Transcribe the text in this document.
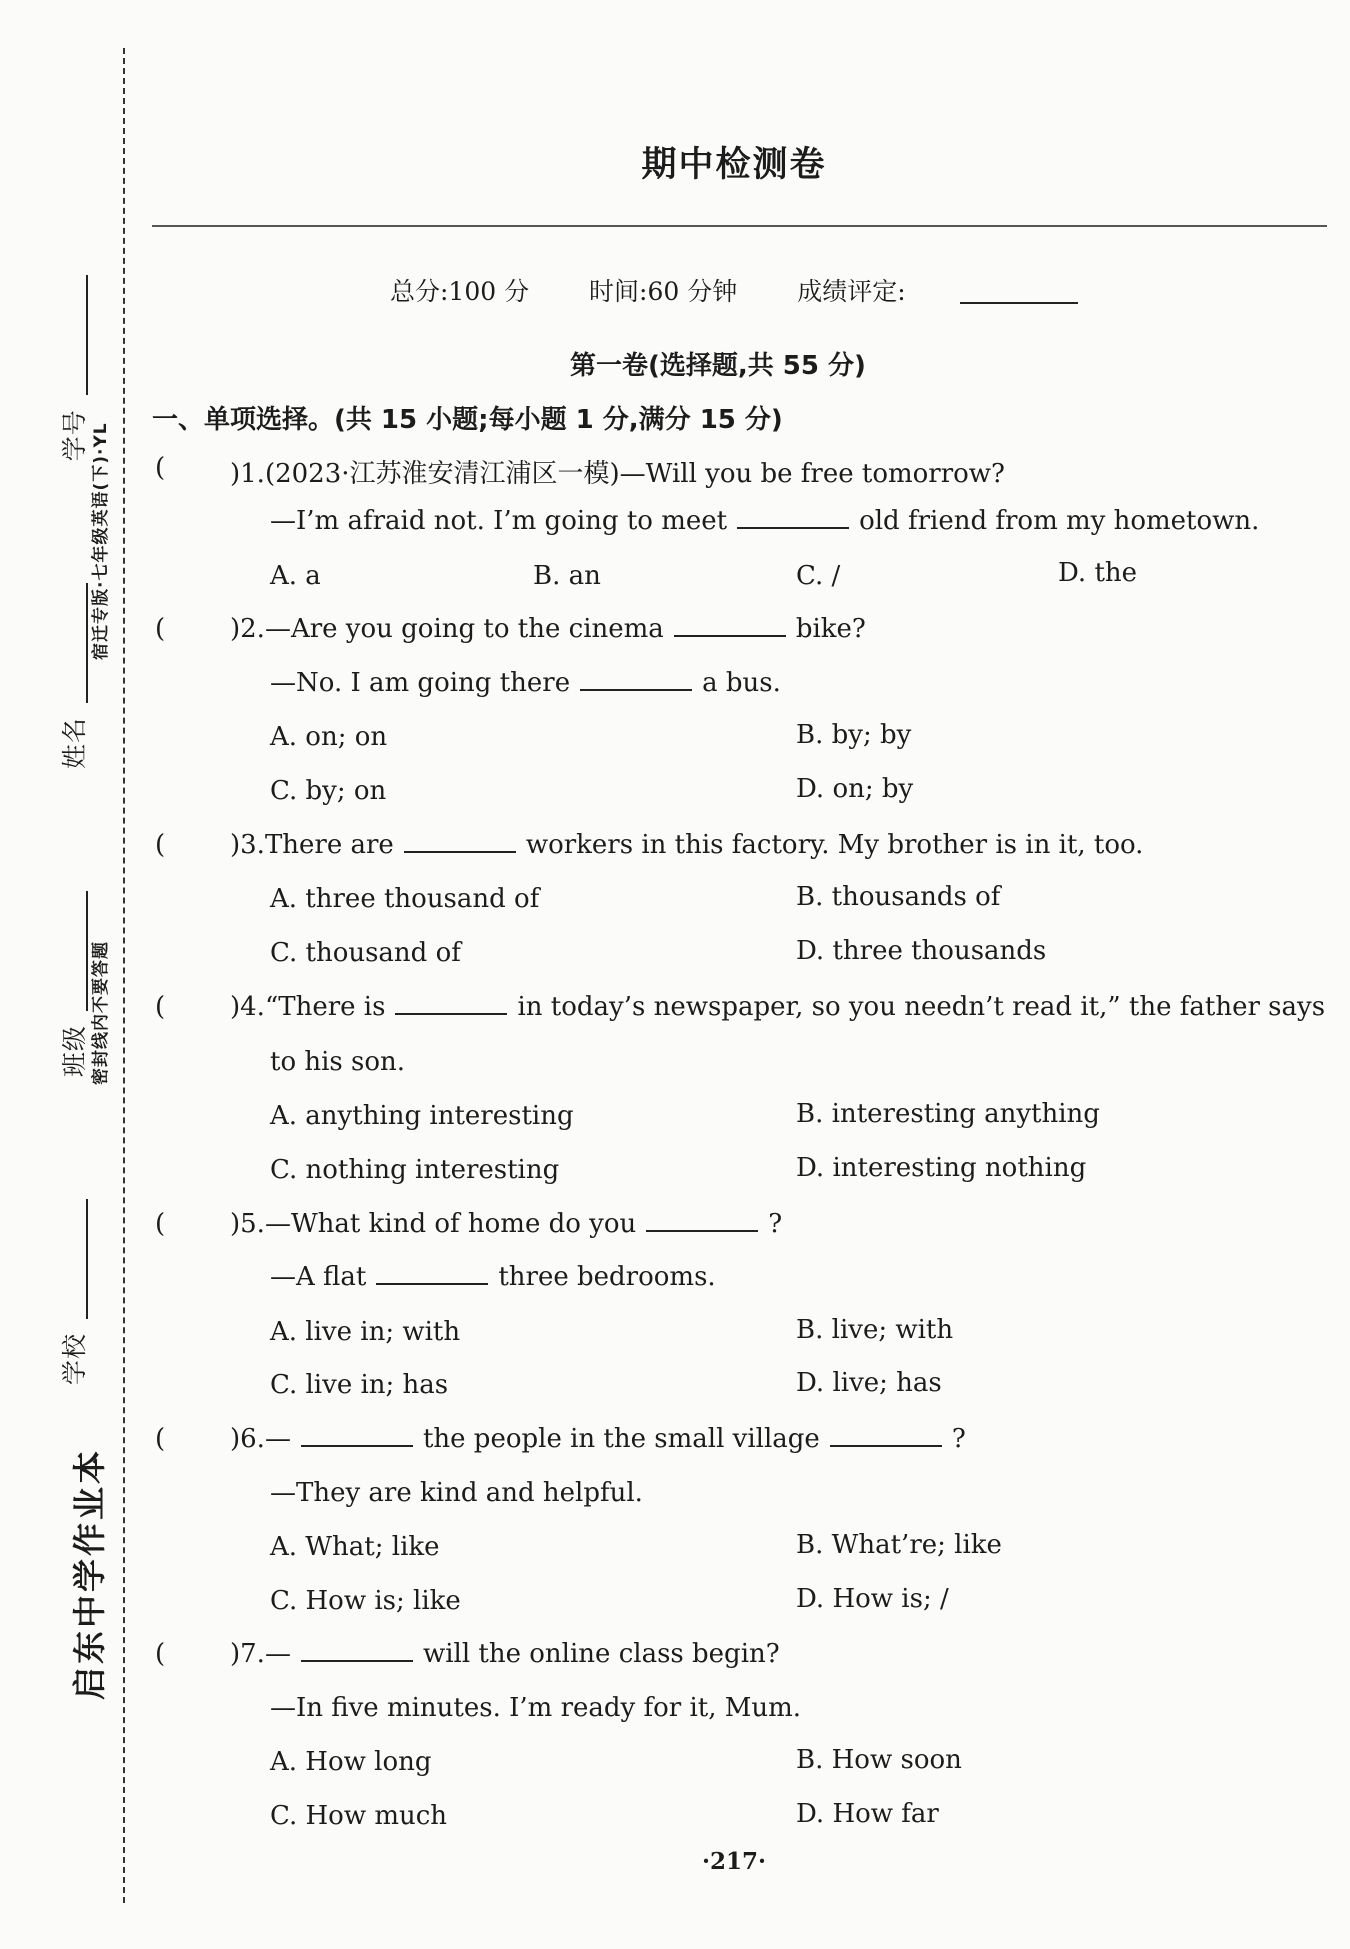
学校  班级  姓名  学号
启东中学作业本
密封线内不要答题
宿迁专版·七年级英语(下)·YL
期中检测卷
总分:100 分 时间:60 分钟 成绩评定:
第一卷(选择题,共 55 分)
一、单项选择。(共 15 小题;每小题 1 分,满分 15 分)
( )1.(2023·江苏淮安清江浦区一模)—Will you be free tomorrow?
—I’m afraid not. I’m going to meet	old friend from my hometown.
A. a	B. an	C. /	D. the
( )2.—Are you going to the cinema	bike?
—No. I am going there	a bus.
A. on; on	B. by; by
C. by; on	D. on; by
( )3.There are	workers in this factory. My brother is in it, too.
A. three thousand of	B. thousands of
C. thousand of	D. three thousands
( )4.“There is	in today’s newspaper, so you needn’t read it,” the father says
to his son.
A. anything interesting	B. interesting anything
C. nothing interesting	D. interesting nothing
( )5.—What kind of home do you	?
—A flat	three bedrooms.
A. live in; with	B. live; with
C. live in; has	D. live; has
( )6.—	the people in the small village	?
—They are kind and helpful.
A. What; like	B. What’re; like
C. How is; like	D. How is; /
( )7.—	will the online class begin?
—In five minutes. I’m ready for it, Mum.
A. How long	B. How soon
C. How much	D. How far
·217·
